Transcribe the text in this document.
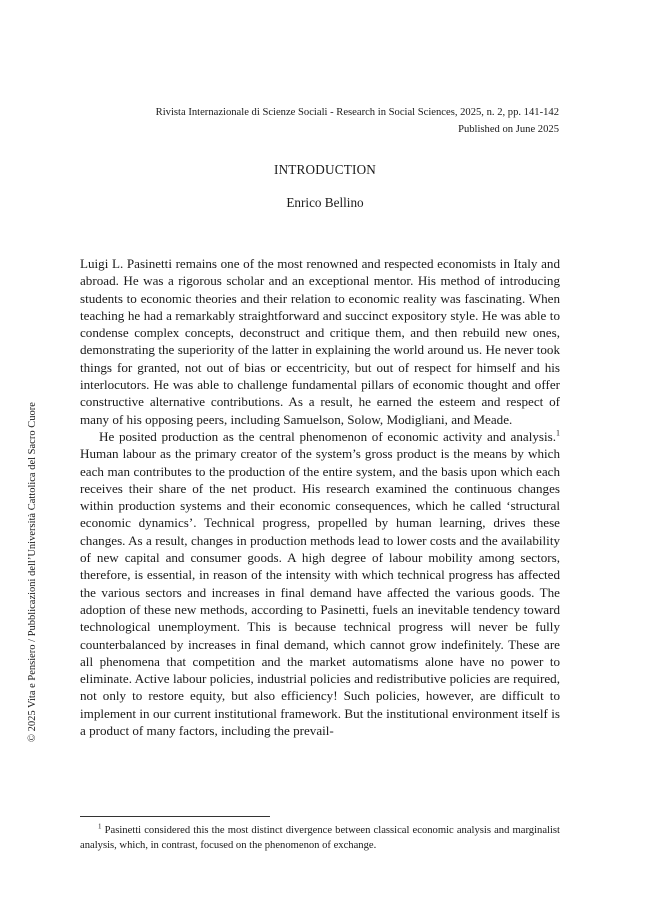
Rivista Internazionale di Scienze Sociali - Research in Social Sciences, 2025, n. 2, pp. 141-142
Published on June 2025
INTRODUCTION
Enrico Bellino

Luigi L. Pasinetti remains one of the most renowned and respected economists in Italy and abroad. He was a rigorous scholar and an exceptional mentor. His method of introducing students to economic theories and their relation to economic reality was fascinating. When teaching he had a remarkably straightforward and succinct expository style. He was able to condense complex concepts, deconstruct and critique them, and then rebuild new ones, demonstrating the superiority of the latter in explaining the world around us. He never took things for granted, not out of bias or eccentricity, but out of respect for himself and his interlocutors. He was able to challenge fundamental pillars of economic thought and offer constructive alternative contributions. As a result, he earned the esteem and respect of many of his opposing peers, including Samuelson, Solow, Modigliani, and Meade.

He posited production as the central phenomenon of economic activity and analysis.$^1$ Human labour as the primary creator of the system’s gross product is the means by which each man contributes to the production of the entire system, and the basis upon which each receives their share of the net product. His research examined the continuous changes within production systems and their economic consequences, which he called ‘structural economic dynamics’. Technical progress, propelled by human learning, drives these changes. As a result, changes in production methods lead to lower costs and the availability of new capital and consumer goods. A high degree of labour mobility among sectors, therefore, is essential, in reason of the intensity with which technical progress has affected the various sectors and increases in final demand have affected the various goods. The adoption of these new methods, according to Pasinetti, fuels an inevitable tendency toward technological unemployment. This is because technical progress will never be fully counterbalanced by increases in final demand, which cannot grow indefinitely. These are all phenomena that competition and the market automatisms alone have no power to eliminate. Active labour policies, industrial policies and redistributive policies are required, not only to restore equity, but also efficiency! Such policies, however, are difficult to implement in our current institutional framework. But the institutional environment itself is a product of many factors, including the prevail-

© 2025 Vita e Pensiero / Pubblicazioni dell’Università Cattolica del Sacro Cuore
$^1$ Pasinetti considered this the most distinct divergence between classical economic analysis and marginalist analysis, which, in contrast, focused on the phenomenon of exchange.
